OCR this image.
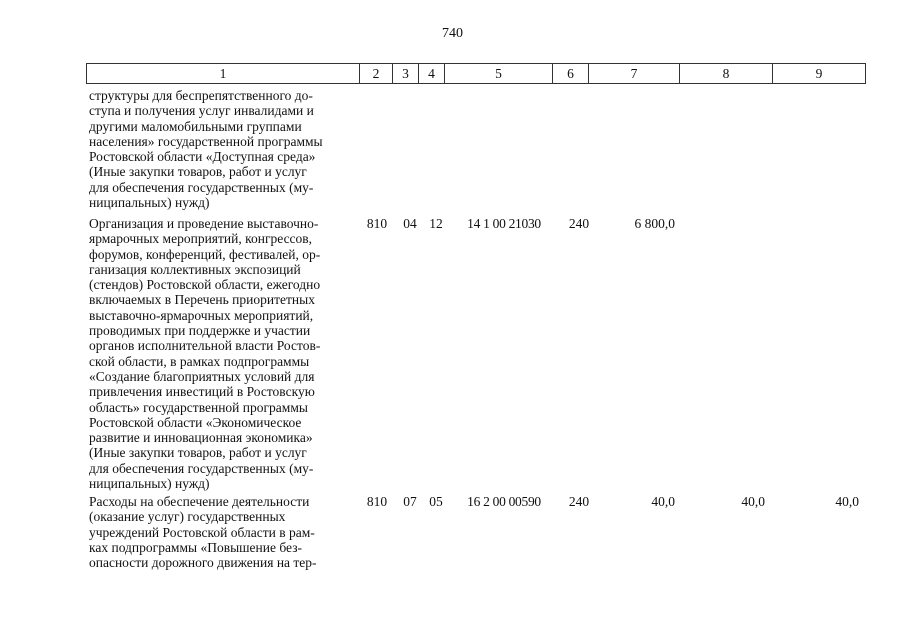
740
1	2	3	4	5	6	7	8	9
структуры для беспрепятственного до-
ступа и получения услуг инвалидами и
другими маломобильными группами
населения» государственной программы
Ростовской области «Доступная среда»
(Иные закупки товаров, работ и услуг
для обеспечения государственных (му-
ниципальных) нужд)
Организация и проведение выставочно-
ярмарочных мероприятий, конгрессов,
форумов, конференций, фестивалей, ор-
ганизация коллективных экспозиций
(стендов) Ростовской области, ежегодно
включаемых в Перечень приоритетных
выставочно-ярмарочных мероприятий,
проводимых при поддержке и участии
органов исполнительной власти Ростов-
ской области, в рамках подпрограммы
«Создание благоприятных условий для
привлечения инвестиций в Ростовскую
область» государственной программы
Ростовской области «Экономическое
развитие и инновационная экономика»
(Иные закупки товаров, работ и услуг
для обеспечения государственных (му-
ниципальных) нужд)
810	04 12	14 1 00 21030	240	6 800,0
Расходы на обеспечение деятельности
(оказание услуг) государственных
учреждений Ростовской области в рам-
ках подпрограммы «Повышение без-
опасности дорожного движения на тер-
810	07 05	16 2 00 00590	240	40,0	40,0	40,0
